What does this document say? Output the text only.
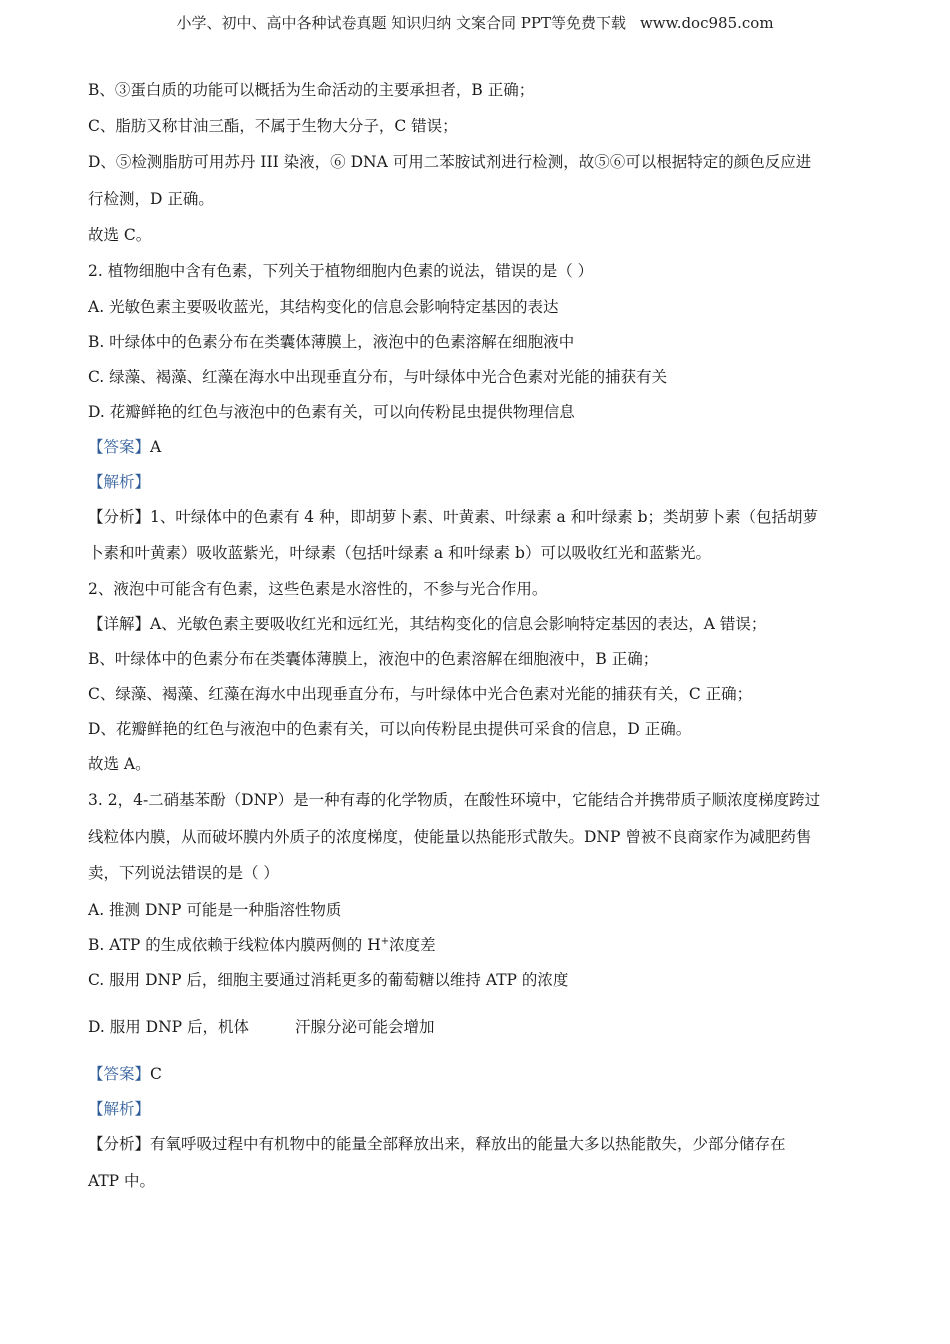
小学、初中、高中各种试卷真题 知识归纳 文案合同 PPT等免费下载 www.doc985.com

B、③蛋白质的功能可以概括为生命活动的主要承担者，B 正确；

C、脂肪又称甘油三酯，不属于生物大分子，C 错误；

D、⑤检测脂肪可用苏丹 III 染液，⑥ DNA 可用二苯胺试剂进行检测，故⑤⑥可以根据特定的颜色反应进

行检测，D 正确。

故选 C。

2. 植物细胞中含有色素，下列关于植物细胞内色素的说法，错误的是（ ）

A. 光敏色素主要吸收蓝光，其结构变化的信息会影响特定基因的表达

B. 叶绿体中的色素分布在类囊体薄膜上，液泡中的色素溶解在细胞液中

C. 绿藻、褐藻、红藻在海水中出现垂直分布，与叶绿体中光合色素对光能的捕获有关

D. 花瓣鲜艳的红色与液泡中的色素有关，可以向传粉昆虫提供物理信息

【答案】A

【解析】

【分析】1、叶绿体中的色素有 4 种，即胡萝卜素、叶黄素、叶绿素 a 和叶绿素 b；类胡萝卜素（包括胡萝

卜素和叶黄素）吸收蓝紫光，叶绿素（包括叶绿素 a 和叶绿素 b）可以吸收红光和蓝紫光。

2、液泡中可能含有色素，这些色素是水溶性的，不参与光合作用。

【详解】A、光敏色素主要吸收红光和远红光，其结构变化的信息会影响特定基因的表达，A 错误；

B、叶绿体中的色素分布在类囊体薄膜上，液泡中的色素溶解在细胞液中，B 正确；

C、绿藻、褐藻、红藻在海水中出现垂直分布，与叶绿体中光合色素对光能的捕获有关，C 正确；

D、花瓣鲜艳的红色与液泡中的色素有关，可以向传粉昆虫提供可采食的信息，D 正确。

故选 A。

3. 2，4-二硝基苯酚（DNP）是一种有毒的化学物质，在酸性环境中，它能结合并携带质子顺浓度梯度跨过

线粒体内膜，从而破坏膜内外质子的浓度梯度，使能量以热能形式散失。DNP 曾被不良商家作为减肥药售

卖，下列说法错误的是（ ）

A. 推测 DNP 可能是一种脂溶性物质

B. ATP 的生成依赖于线粒体内膜两侧的 H+浓度差

C. 服用 DNP 后，细胞主要通过消耗更多的葡萄糖以维持 ATP 的浓度

D. 服用 DNP 后，机体	汗腺分泌可能会增加

【答案】C

【解析】

【分析】有氧呼吸过程中有机物中的能量全部释放出来，释放出的能量大多以热能散失，少部分储存在

ATP 中。
